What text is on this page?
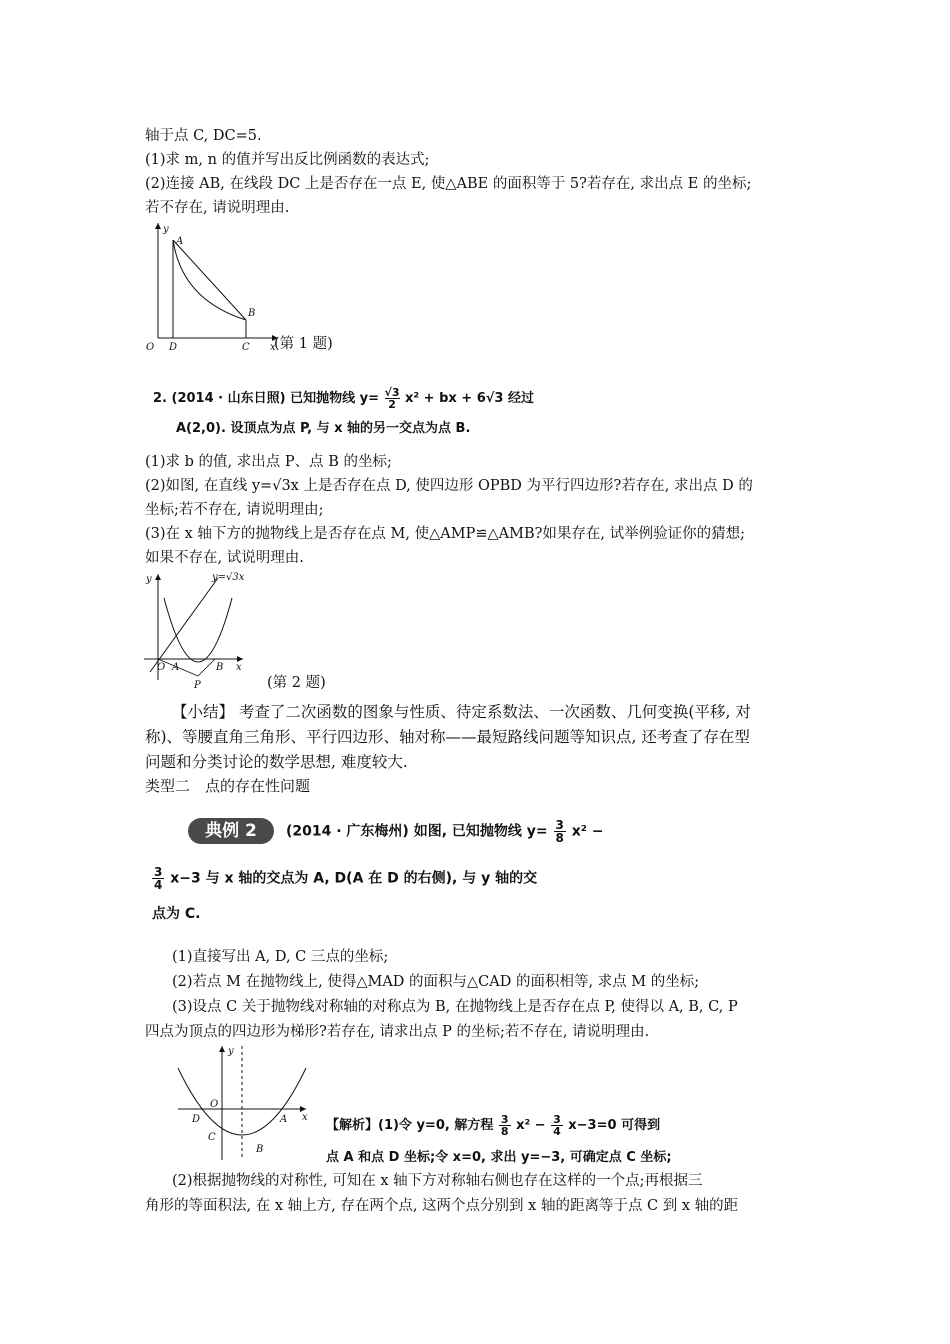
轴于点 C, DC=5.
(1)求 m, n 的值并写出反比例函数的表达式;
(2)连接 AB, 在线段 DC 上是否存在一点 E, 使△ABE 的面积等于 5?若存在, 求出点 E 的坐标;
若不存在, 请说明理由.
y
A
B
O D	C x
(第 1 题)
2. (2014 · 山东日照) 已知抛物线 $y= \frac{√3}{2} x^2$ + bx + 6√3 经过
A(2,0). 设顶点为点 P, 与 x 轴的另一交点为点 B.
(1)求 b 的值, 求出点 P、点 B 的坐标;
(2)如图, 在直线 y=√3x 上是否存在点 D, 使四边形 OPBD 为平行四边形?若存在, 求出点 D 的
坐标;若不存在, 请说明理由;
(3)在 x 轴下方的抛物线上是否存在点 M, 使△AMP≌△AMB?如果存在, 试举例验证你的猜想;
如果不存在, 试说明理由.
y	y=√3x
O A	B
P
x
(第 2 题)
【小结】 考查了二次函数的图象与性质、待定系数法、一次函数、几何变换(平移, 对
称)、等腰直角三角形、平行四边形、轴对称——最短路线问题等知识点, 还考查了存在型
问题和分类讨论的数学思想, 难度较大.
类型二　点的存在性问题
典例 2	(2014 · 广东梅州) 如图, 已知抛物线 $y= \frac{3}{8} x^2$ −
$\frac{3}{4} x-3$ 与 x 轴的交点为 A, D(A 在 D 的右侧), 与 y 轴的交
点为 C.
(1)直接写出 A, D, C 三点的坐标;
(2)若点 M 在抛物线上, 使得△MAD 的面积与△CAD 的面积相等, 求点 M 的坐标;
(3)设点 C 关于抛物线对称轴的对称点为 B, 在抛物线上是否存在点 P, 使得以 A, B, C, P
四点为顶点的四边形为梯形?若存在, 请求出点 P 的坐标;若不存在, 请说明理由.
y
O
D	A
C
B
x
【解析】(1)令 y=0, 解方程 $\frac{3}{8} x^2 - \frac{3}{4} x-3=0$ 可得到
点 A 和点 D 坐标;令 x=0, 求出 y=−3, 可确定点 C 坐标;
(2)根据抛物线的对称性, 可知在 x 轴下方对称轴右侧也存在这样的一个点;再根据三
角形的等面积法, 在 x 轴上方, 存在两个点, 这两个点分别到 x 轴的距离等于点 C 到 x 轴的距
